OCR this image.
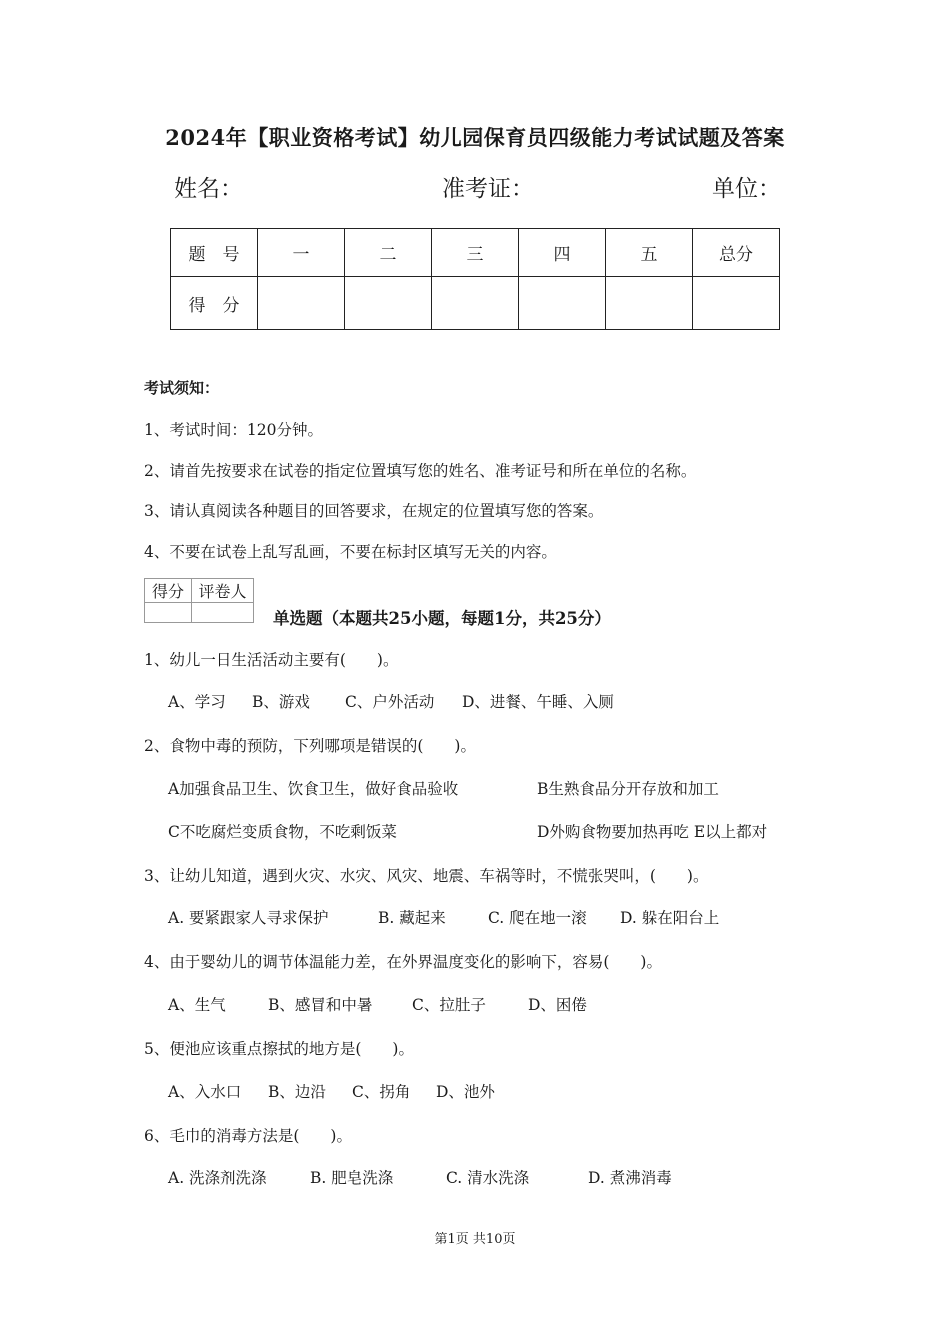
2024年【职业资格考试】幼儿园保育员四级能力考试试题及答案
姓名：	准考证：	单位：
题　号	一	二	三	四	五	总分
得　分						
考试须知：
1、考试时间：120分钟。
2、请首先按要求在试卷的指定位置填写您的姓名、准考证号和所在单位的名称。
3、请认真阅读各种题目的回答要求，在规定的位置填写您的答案。
4、不要在试卷上乱写乱画，不要在标封区填写无关的内容。
得分	评卷人

单选题（本题共25小题，每题1分，共25分）
1、幼儿一日生活活动主要有(　　)。
A、学习 B、游戏 C、户外活动 D、进餐、午睡、入厕
2、食物中毒的预防，下列哪项是错误的(　　)。
A加强食品卫生、饮食卫生，做好食品验收	B生熟食品分开存放和加工
C不吃腐烂变质食物，不吃剩饭菜	D外购食物要加热再吃 E以上都对
3、让幼儿知道，遇到火灾、水灾、风灾、地震、车祸等时，不慌张哭叫，(　　)。
A. 要紧跟家人寻求保护	B. 藏起来	C. 爬在地一滚 D. 躲在阳台上
4、由于婴幼儿的调节体温能力差，在外界温度变化的影响下，容易(　　)。
A、生气	B、感冒和中暑	C、拉肚子	D、困倦
5、便池应该重点擦拭的地方是(　　)。
A、入水口 B、边沿 C、拐角 D、池外
6、毛巾的消毒方法是(　　)。
A. 洗涤剂洗涤	B. 肥皂洗涤	C. 清水洗涤	D. 煮沸消毒
第1页 共10页
